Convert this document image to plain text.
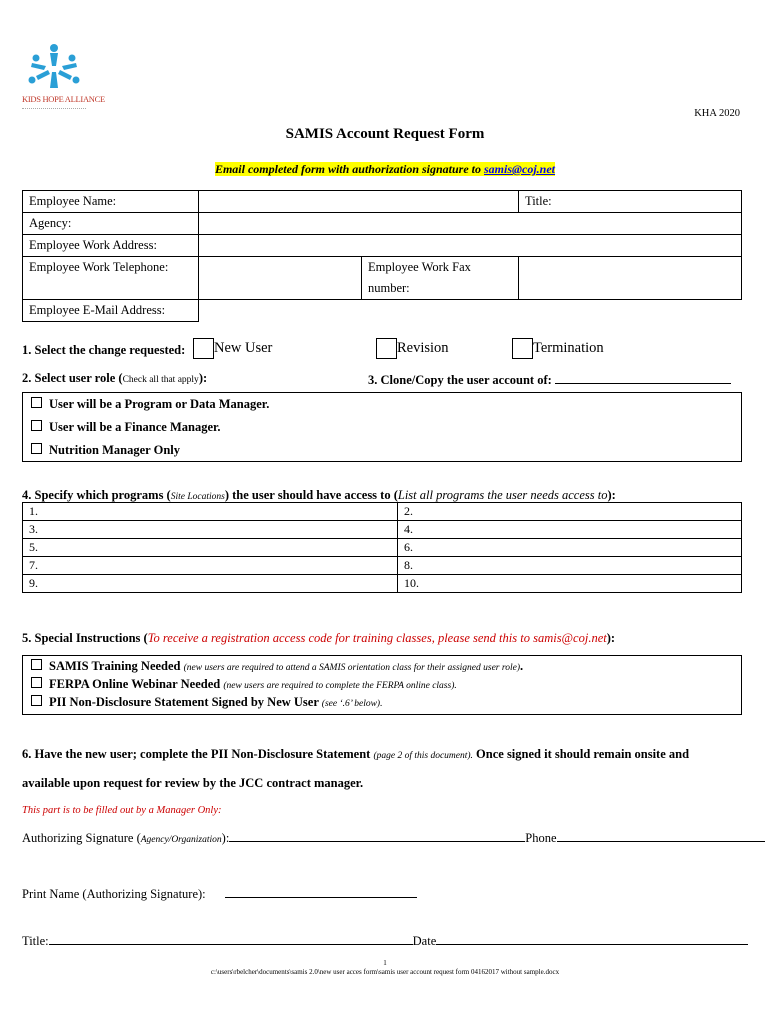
KIDS HOPE ALLIANCE
KHA 2020
SAMIS Account Request Form
Email completed form with authorization signature to samis@coj.net
Employee Name:			Title:
Agency:			
Employee Work Address:			
Employee Work Telephone:		Employee Work Fax number:	
Employee E-Mail Address:			
1. Select the change requested:	New User	Revision	Termination
2. Select user role (Check all that apply):	3. Clone/Copy the user account of:
User will be a Program or Data Manager.
User will be a Finance Manager.
Nutrition Manager Only
4. Specify which programs (Site Locations) the user should have access to (List all programs the user needs access to):
1.	2.
3.	4.
5.	6.
7.	8.
9.	10.
5. Special Instructions (To receive a registration access code for training classes, please send this to samis@coj.net):
SAMIS Training Needed (new users are required to attend a SAMIS orientation class for their assigned user role).
FERPA Online Webinar Needed (new users are required to complete the FERPA online class).
PII Non-Disclosure Statement Signed by New User (see ‘.6’ below).
6. Have the new user; complete the PII Non-Disclosure Statement (page 2 of this document). Once signed it should remain onsite and
available upon request for review by the JCC contract manager.
This part is to be filled out by a Manager Only:
Authorizing Signature (Agency/Organization):	Phone
Print Name (Authorizing Signature):
Title:	Date
1
c:\users\rbelcher\documents\samis 2.0\new user acces form\samis user account request form 04162017 without sample.docx
